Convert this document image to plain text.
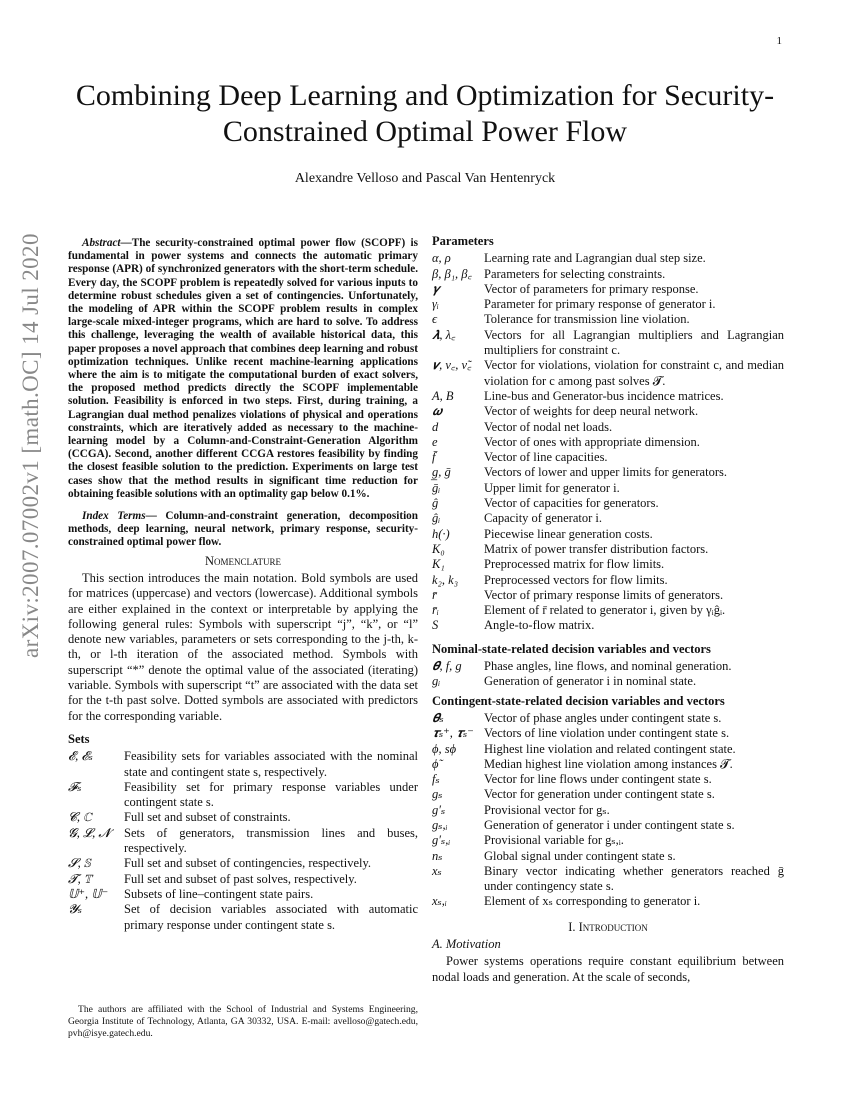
1
arXiv:2007.07002v1 [math.OC] 14 Jul 2020
Combining Deep Learning and Optimization for Security-Constrained Optimal Power Flow
Alexandre Velloso and Pascal Van Hentenryck

Abstract—The security-constrained optimal power flow (SCOPF) is fundamental in power systems and connects the automatic primary response (APR) of synchronized generators with the short-term schedule. Every day, the SCOPF problem is repeatedly solved for various inputs to determine robust schedules given a set of contingencies. Unfortunately, the modeling of APR within the SCOPF problem results in complex large-scale mixed-integer programs, which are hard to solve. To address this challenge, leveraging the wealth of available historical data, this paper proposes a novel approach that combines deep learning and robust optimization techniques. Unlike recent machine-learning applications where the aim is to mitigate the computational burden of exact solvers, the proposed method predicts directly the SCOPF implementable solution. Feasibility is enforced in two steps. First, during training, a Lagrangian dual method penalizes violations of physical and operations constraints, which are iteratively added as necessary to the machine-learning model by a Column-and-Constraint-Generation Algorithm (CCGA). Second, another different CCGA restores feasibility by finding the closest feasible solution to the prediction. Experiments on large test cases show that the method results in significant time reduction for obtaining feasible solutions with an optimality gap below 0.1%.

Index Terms— Column-and-constraint generation, decomposition methods, deep learning, neural network, primary response, security-constrained optimal power flow.

Nomenclature

This section introduces the main notation. Bold symbols are used for matrices (uppercase) and vectors (lowercase). Additional symbols are either explained in the context or interpretable by applying the following general rules: Symbols with superscript “j”, “k”, or “l” denote new variables, parameters or sets corresponding to the j-th, k-th, or l-th iteration of the associated method. Symbols with superscript “*” denote the optimal value of the associated (iterating) variable. Symbols with superscript “t” are associated with the data set for the t-th past solve. Dotted symbols are associated with predictors for the corresponding variable.

Sets
𝓔, 𝓔ₛ	Feasibility sets for variables associated with the nominal state and contingent state s, respectively.
𝓕ₛ	Feasibility set for primary response variables under contingent state s.
𝓒, ℂ	Full set and subset of constraints.
𝓖, 𝓛, 𝓝	Sets of generators, transmission lines and buses, respectively.
𝓢, 𝕊	Full set and subset of contingencies, respectively.
𝓣, 𝕋	Full set and subset of past solves, respectively.
𝕌⁺, 𝕌⁻	Subsets of line–contingent state pairs.
𝓨ₛ	Set of decision variables associated with automatic primary response under contingent state s.
The authors are affiliated with the School of Industrial and Systems Engineering, Georgia Institute of Technology, Atlanta, GA 30332, USA. E-mail: avelloso@gatech.edu, pvh@isye.gatech.edu.
Parameters
α, ρ	Learning rate and Lagrangian dual step size.
β, β₁, β꜀ Parameters for selecting constraints.
𝜸	Vector of parameters for primary response.
γᵢ	Parameter for primary response of generator i.
ϵ	Tolerance for transmission line violation.
𝝀, λ꜀	Vectors for all Lagrangian multipliers and Lagrangian multipliers for constraint c.
𝝂, ν꜀, ν̃꜀	Vector for violations, violation for constraint c, and median violation for c among past solves 𝓣.
A, B	Line-bus and Generator-bus incidence matrices.
𝝎	Vector of weights for deep neural network.
d	Vector of nodal net loads.
e	Vector of ones with appropriate dimension.
f̄	Vector of line capacities.
g̲, ḡ	Vectors of lower and upper limits for generators.
ḡᵢ	Upper limit for generator i.
ĝ	Vector of capacities for generators.
ĝᵢ	Capacity of generator i.
h(·)	Piecewise linear generation costs.
K₀	Matrix of power transfer distribution factors.
K₁	Preprocessed matrix for flow limits.
k₂, k₃	Preprocessed vectors for flow limits.
r̄	Vector of primary response limits of generators.
r̄ᵢ	Element of r̄ related to generator i, given by γᵢĝᵢ.
S	Angle-to-flow matrix.
Nominal-state-related decision variables and vectors
𝜽, f, g	Phase angles, line flows, and nominal generation.
gᵢ	Generation of generator i in nominal state.
Contingent-state-related decision variables and vectors
𝜽ₛ	Vector of phase angles under contingent state s.
𝝉ₛ⁺, 𝝉ₛ⁻ Vectors of line violation under contingent state s.
ϕ, sϕ	Highest line violation and related contingent state.
ϕ̃	Median highest line violation among instances 𝓣.
fₛ	Vector for line flows under contingent state s.
gₛ	Vector for generation under contingent state s.
g′ₛ	Provisional vector for gₛ.
gₛ,ᵢ	Generation of generator i under contingent state s.
g′ₛ,ᵢ	Provisional variable for gₛ,ᵢ.
nₛ	Global signal under contingent state s.
xₛ	Binary vector indicating whether generators reached ḡ under contingency state s.
xₛ,ᵢ	Element of xₛ corresponding to generator i.
I. Introduction
A. Motivation

Power systems operations require constant equilibrium between nodal loads and generation. At the scale of seconds,
